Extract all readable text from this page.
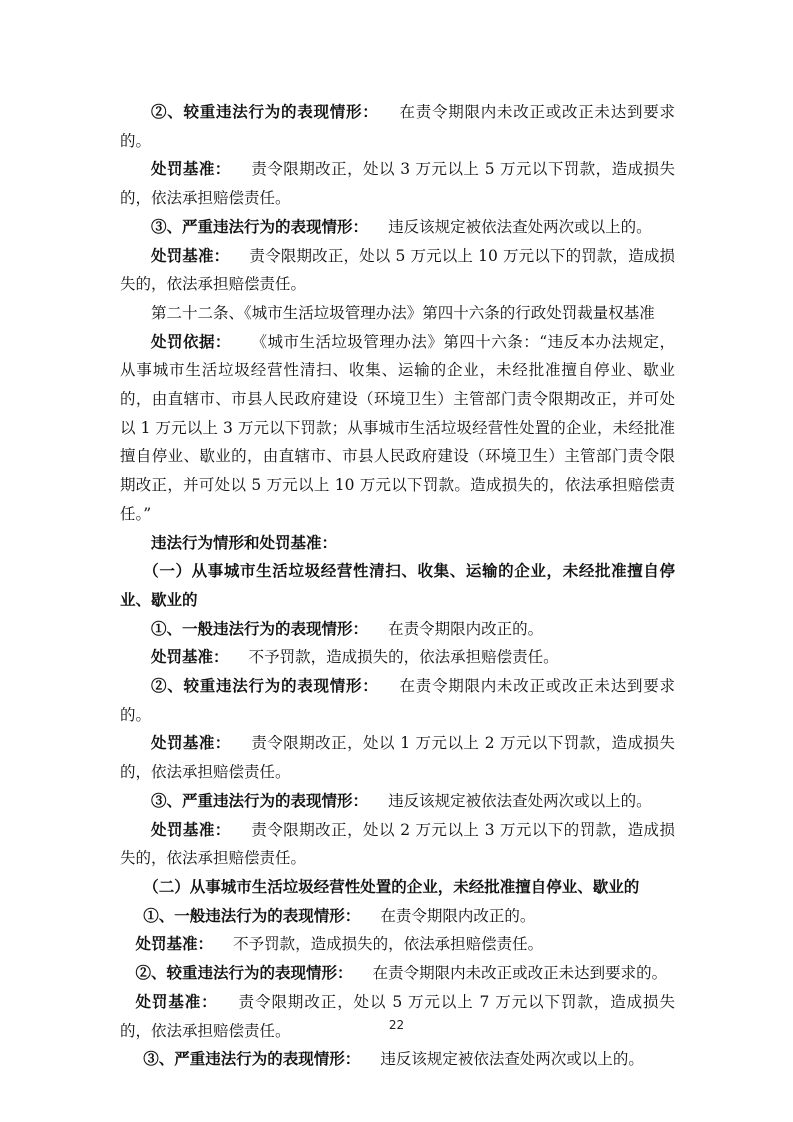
②、较重违法行为的表现情形： 在责令期限内未改正或改正未达到要求的。

处罚基准： 责令限期改正，处以 3 万元以上 5 万元以下罚款，造成损失的，依法承担赔偿责任。

③、严重违法行为的表现情形： 违反该规定被依法查处两次或以上的。

处罚基准： 责令限期改正，处以 5 万元以上 10 万元以下的罚款，造成损失的，依法承担赔偿责任。

第二十二条、《城市生活垃圾管理办法》第四十六条的行政处罚裁量权基准

处罚依据： 《城市生活垃圾管理办法》第四十六条：“违反本办法规定，从事城市生活垃圾经营性清扫、收集、运输的企业，未经批准擅自停业、歇业的，由直辖市、市县人民政府建设（环境卫生）主管部门责令限期改正，并可处以 1 万元以上 3 万元以下罚款；从事城市生活垃圾经营性处置的企业，未经批准擅自停业、歇业的，由直辖市、市县人民政府建设（环境卫生）主管部门责令限期改正，并可处以 5 万元以上 10 万元以下罚款。造成损失的，依法承担赔偿责任。”

违法行为情形和处罚基准：

（一）从事城市生活垃圾经营性清扫、收集、运输的企业，未经批准擅自停业、歇业的

①、一般违法行为的表现情形： 在责令期限内改正的。

处罚基准： 不予罚款，造成损失的，依法承担赔偿责任。

②、较重违法行为的表现情形： 在责令期限内未改正或改正未达到要求的。

处罚基准： 责令限期改正，处以 1 万元以上 2 万元以下罚款，造成损失的，依法承担赔偿责任。

③、严重违法行为的表现情形： 违反该规定被依法查处两次或以上的。

处罚基准： 责令限期改正，处以 2 万元以上 3 万元以下的罚款，造成损失的，依法承担赔偿责任。

（二）从事城市生活垃圾经营性处置的企业，未经批准擅自停业、歇业的

①、一般违法行为的表现情形： 在责令期限内改正的。

处罚基准： 不予罚款，造成损失的，依法承担赔偿责任。

②、较重违法行为的表现情形： 在责令期限内未改正或改正未达到要求的。

处罚基准： 责令限期改正，处以 5 万元以上 7 万元以下罚款，造成损失的，依法承担赔偿责任。

③、严重违法行为的表现情形： 违反该规定被依法查处两次或以上的。

22
